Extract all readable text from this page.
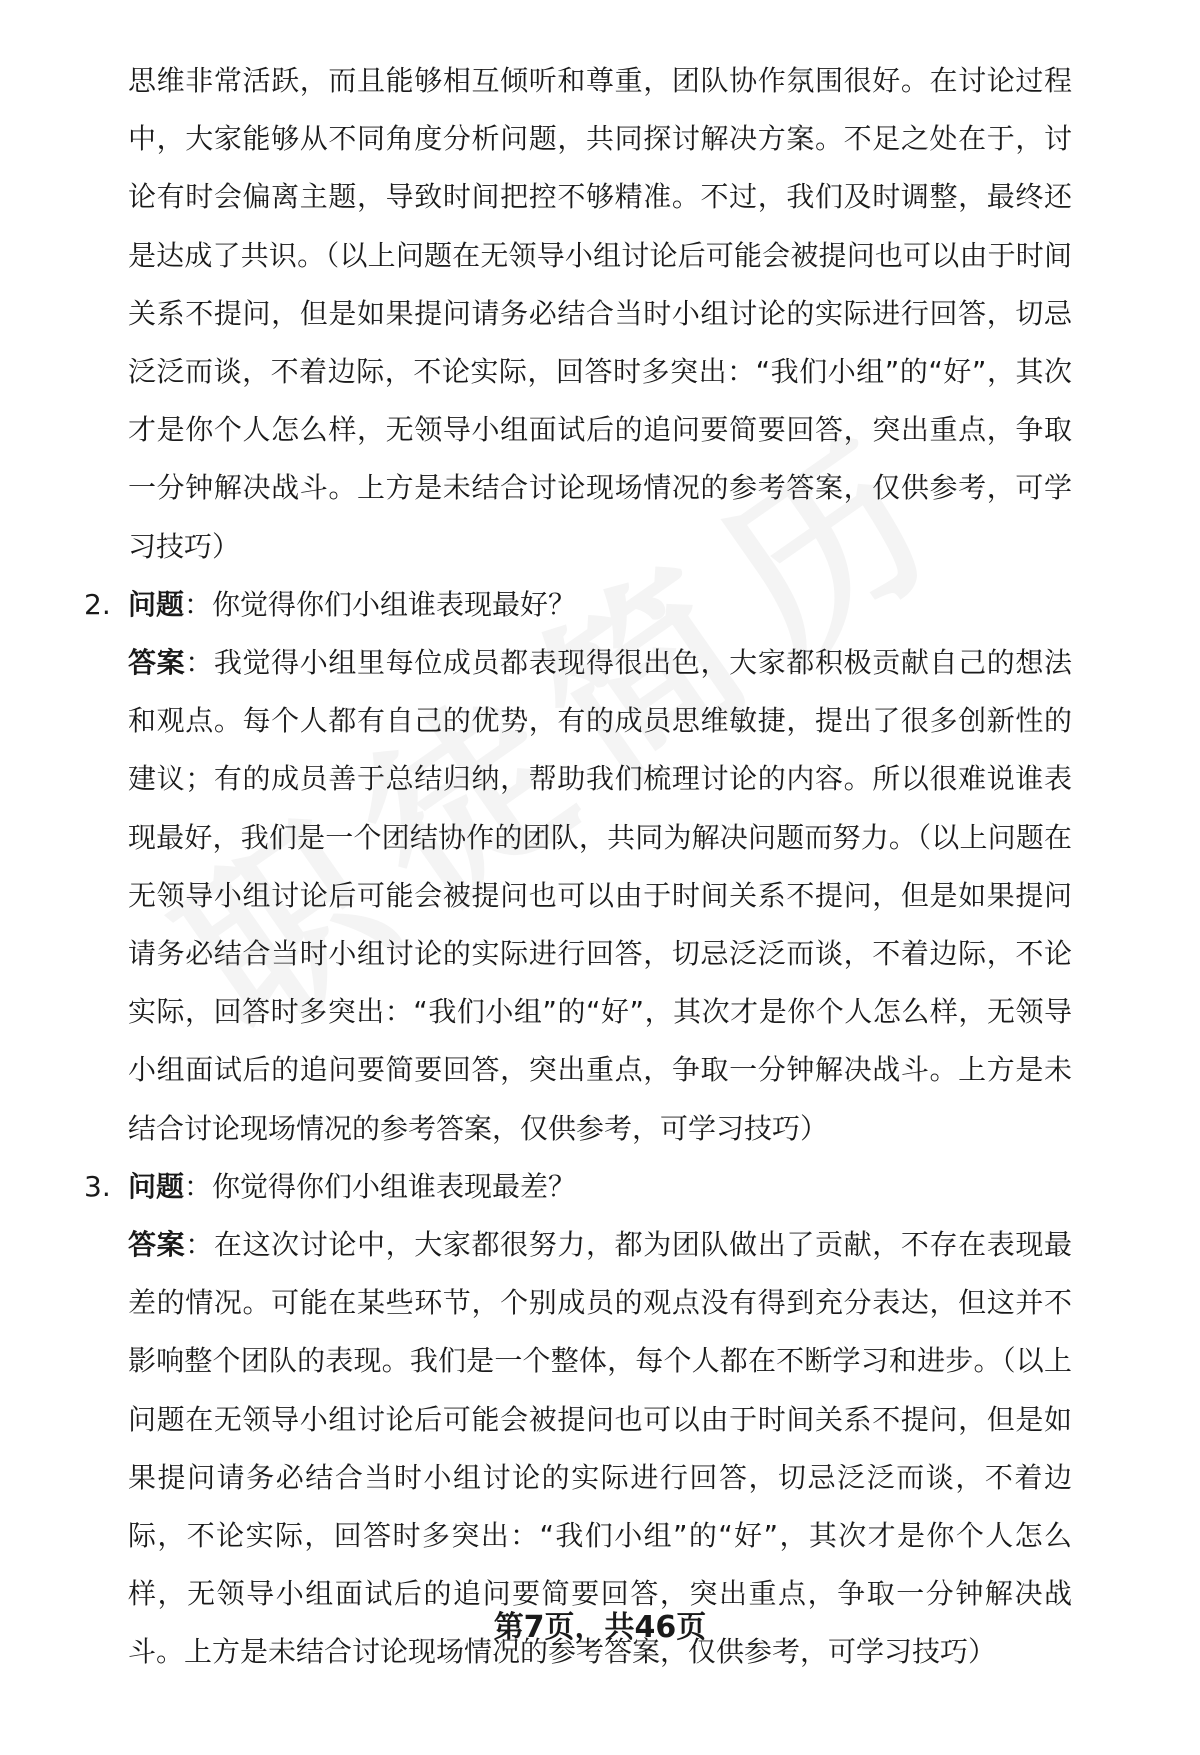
思维非常活跃，而且能够相互倾听和尊重，团队协作氛围很好。在讨论过程中，大家能够从不同角度分析问题，共同探讨解决方案。不足之处在于，讨论有时会偏离主题，导致时间把控不够精准。不过，我们及时调整，最终还是达成了共识。（以上问题在无领导小组讨论后可能会被提问也可以由于时间关系不提问，但是如果提问请务必结合当时小组讨论的实际进行回答，切忌泛泛而谈，不着边际，不论实际，回答时多突出：“我们小组”的“好”，其次才是你个人怎么样，无领导小组面试后的追问要简要回答，突出重点，争取一分钟解决战斗。上方是未结合讨论现场情况的参考答案，仅供参考，可学习技巧）

2. 问题：你觉得你们小组谁表现最好？
答案：我觉得小组里每位成员都表现得很出色，大家都积极贡献自己的想法和观点。每个人都有自己的优势，有的成员思维敏捷，提出了很多创新性的建议；有的成员善于总结归纳，帮助我们梳理讨论的内容。所以很难说谁表现最好，我们是一个团结协作的团队，共同为解决问题而努力。（以上问题在无领导小组讨论后可能会被提问也可以由于时间关系不提问，但是如果提问请务必结合当时小组讨论的实际进行回答，切忌泛泛而谈，不着边际，不论实际，回答时多突出：“我们小组”的“好”，其次才是你个人怎么样，无领导小组面试后的追问要简要回答，突出重点，争取一分钟解决战斗。上方是未结合讨论现场情况的参考答案，仅供参考，可学习技巧）
3. 问题：你觉得你们小组谁表现最差？
答案：在这次讨论中，大家都很努力，都为团队做出了贡献，不存在表现最差的情况。可能在某些环节，个别成员的观点没有得到充分表达，但这并不影响整个团队的表现。我们是一个整体，每个人都在不断学习和进步。（以上问题在无领导小组讨论后可能会被提问也可以由于时间关系不提问，但是如果提问请务必结合当时小组讨论的实际进行回答，切忌泛泛而谈，不着边际，不论实际，回答时多突出：“我们小组”的“好”，其次才是你个人怎么样，无领导小组面试后的追问要简要回答，突出重点，争取一分钟解决战斗。上方是未结合讨论现场情况的参考答案，仅供参考，可学习技巧）
第7页，共46页
